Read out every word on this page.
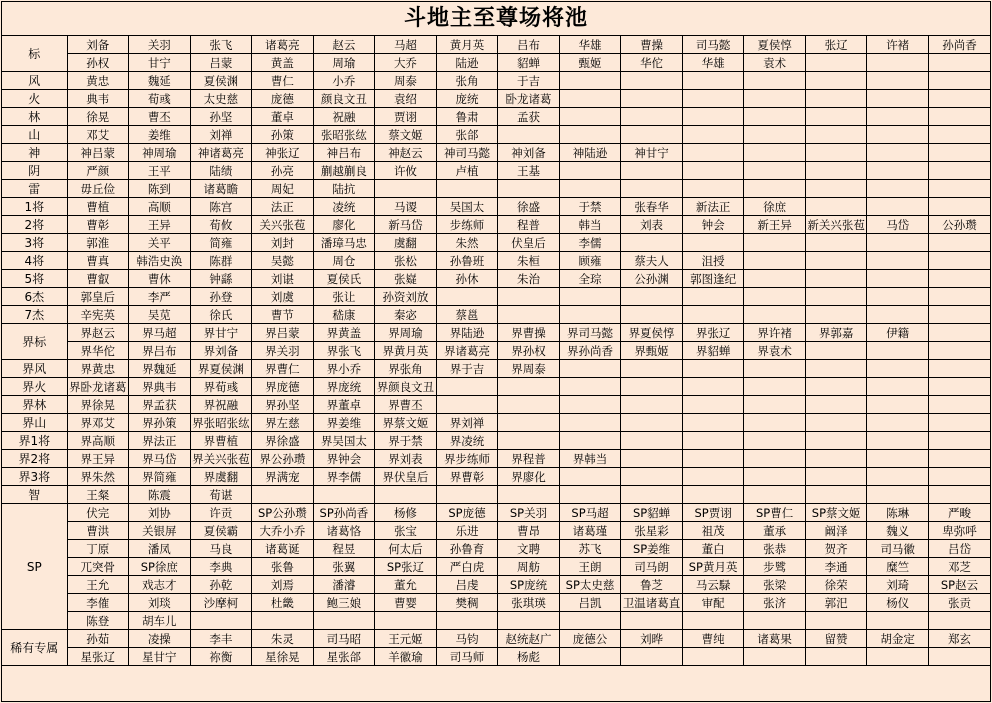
斗地主至尊场将池
标	刘备	关羽	张飞	诸葛亮	赵云	马超	黄月英	吕布	华雄	曹操	司马懿	夏侯惇	张辽	许褚	孙尚香
	孙权	甘宁	吕蒙	黄盖	周瑜	大乔	陆逊	貂蝉	甄姬	华佗	华雄	袁术			
风	黄忠	魏延	夏侯渊	曹仁	小乔	周泰	张角	于吉							
火	典韦	荀彧	太史慈	庞德	颜良文丑	袁绍	庞统	卧龙诸葛							
林	徐晃	曹丕	孙坚	董卓	祝融	贾诩	鲁肃	孟获							
山	邓艾	姜维	刘禅	孙策	张昭张纮	蔡文姬	张郃								
神	神吕蒙	神周瑜	神诸葛亮	神张辽	神吕布	神赵云	神司马懿	神刘备	神陆逊	神甘宁					
阴	严颜	王平	陆绩	孙亮	蒯越蒯良	许攸	卢植	王基							
雷	毋丘俭	陈到	诸葛瞻	周妃	陆抗										
1将	曹植	高顺	陈宫	法正	凌统	马谡	吴国太	徐盛	于禁	张春华	新法正	徐庶			
2将	曹彰	王异	荀攸	关兴张苞	廖化	新马岱	步练师	程普	韩当	刘表	钟会	新王异	新关兴张苞	马岱	公孙瓒
3将	郭淮	关平	简雍	刘封	潘璋马忠	虞翻	朱然	伏皇后	李儒						
4将	曹真	韩浩史涣	陈群	吴懿	周仓	张松	孙鲁班	朱桓	顾雍	蔡夫人	沮授				
5将	曹叡	曹休	钟繇	刘谌	夏侯氏	张嶷	孙休	朱治	全琮	公孙渊	郭图逢纪				
6杰	郭皇后	李严	孙登	刘虞	张让	孙资刘放									
7杰	辛宪英	吴苋	徐氏	曹节	嵇康	秦宓	蔡邕								
界标	界赵云	界马超	界甘宁	界吕蒙	界黄盖	界周瑜	界陆逊	界曹操	界司马懿	界夏侯惇	界张辽	界许褚	界郭嘉	伊籍	
	界华佗	界吕布	界刘备	界关羽	界张飞	界黄月英	界诸葛亮	界孙权	界孙尚香	界甄姬	界貂蝉	界袁术			
界风	界黄忠	界魏延	界夏侯渊	界曹仁	界小乔	界张角	界于吉	界周泰							
界火	界卧龙诸葛	界典韦	界荀彧	界庞德	界庞统	界颜良文丑									
界林	界徐晃	界孟获	界祝融	界孙坚	界董卓	界曹丕									
界山	界邓艾	界孙策	界张昭张纮	界左慈	界姜维	界蔡文姬	界刘禅								
界1将	界高顺	界法正	界曹植	界徐盛	界吴国太	界于禁	界凌统								
界2将	界王异	界马岱	界关兴张苞	界公孙瓒	界钟会	界刘表	界步练师	界程普	界韩当						
界3将	界朱然	界简雍	界虞翻	界满宠	界李儒	界伏皇后	界曹彰	界廖化							
智	王粲	陈震	荀谌												
SP	伏完	刘协	许贡	SP公孙瓒	SP孙尚香	杨修	SP庞德	SP关羽	SP马超	SP貂蝉	SP贾诩	SP曹仁	SP蔡文姬	陈琳	严畯
	曹洪	关银屏	夏侯霸	大乔小乔	诸葛恪	张宝	乐进	曹昂	诸葛瑾	张星彩	祖茂	董承	阚泽	魏义	卑弥呼
	丁原	潘凤	马良	诸葛诞	程昱	何太后	孙鲁育	文聘	苏飞	SP姜维	董白	张恭	贺齐	司马徽	吕岱
	兀突骨	SP徐庶	李典	张鲁	张翼	SP张辽	严白虎	周舫	王朗	司马朗	SP黄月英	步骘	李通	糜竺	邓芝
	王允	戏志才	孙乾	刘焉	潘濬	董允	吕虔	SP庞统	SP太史慈	鲁芝	马云騄	张梁	徐荣	刘琦	SP赵云
	李傕	刘琰	沙摩柯	杜畿	鲍三娘	曹婴	樊稠	张琪瑛	吕凯	卫温诸葛直	审配	张济	郭汜	杨仪	张贡
	陈登	胡车儿													
稀有专属	孙茹	凌操	李丰	朱灵	司马昭	王元姬	马钧	赵统赵广	庞德公	刘晔	曹纯	诸葛果	留赞	胡金定	郑玄
	星张辽	星甘宁	祢衡	星徐晃	星张郃	羊徽瑜	司马师	杨彪							
